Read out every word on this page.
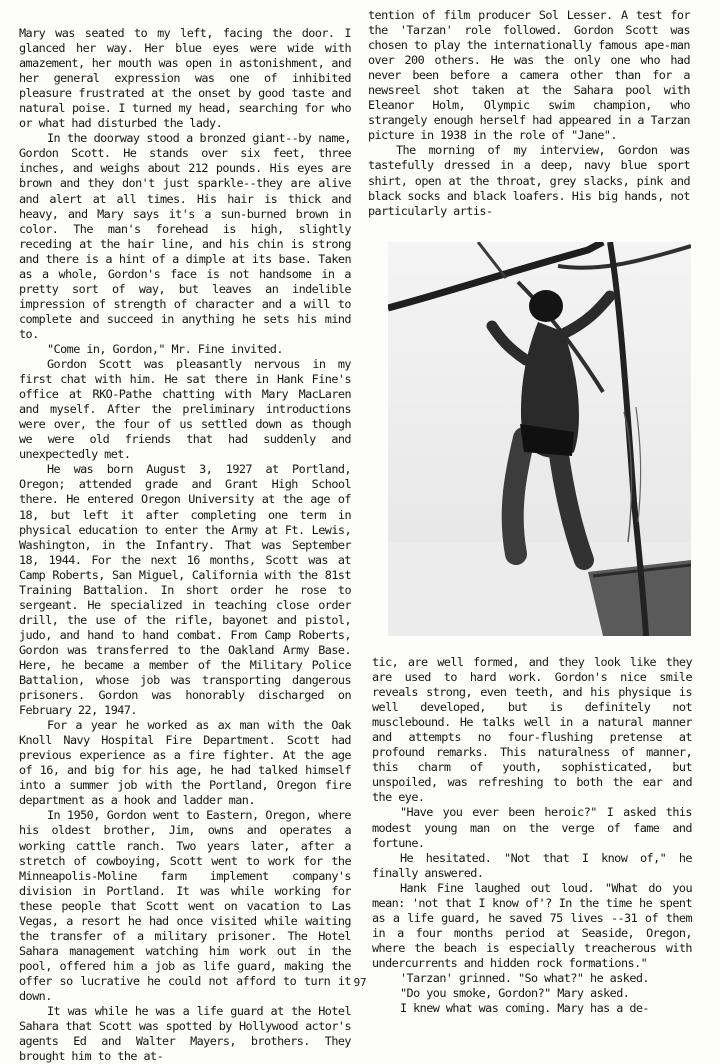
Mary was seated to my left, facing the door. I glanced her way. Her blue eyes were wide with amazement, her mouth was open in astonishment, and her general expression was one of inhibited pleasure frustrated at the onset by good taste and natural poise. I turned my head, searching for who or what had disturbed the lady.

In the doorway stood a bronzed giant--by name, Gordon Scott. He stands over six feet, three inches, and weighs about 212 pounds. His eyes are brown and they don't just sparkle--they are alive and alert at all times. His hair is thick and heavy, and Mary says it's a sun-burned brown in color. The man's forehead is high, slightly receding at the hair line, and his chin is strong and there is a hint of a dimple at its base. Taken as a whole, Gordon's face is not handsome in a pretty sort of way, but leaves an indelible impression of strength of character and a will to complete and succeed in anything he sets his mind to.

"Come in, Gordon," Mr. Fine invited.

Gordon Scott was pleasantly nervous in my first chat with him. He sat there in Hank Fine's office at RKO-Pathe chatting with Mary MacLaren and myself. After the preliminary introductions were over, the four of us settled down as though we were old friends that had suddenly and unexpectedly met.

He was born August 3, 1927 at Portland, Oregon; attended grade and Grant High School there. He entered Oregon University at the age of 18, but left it after completing one term in physical education to enter the Army at Ft. Lewis, Washington, in the Infantry. That was September 18, 1944. For the next 16 months, Scott was at Camp Roberts, San Miguel, California with the 81st Training Battalion. In short order he rose to sergeant. He specialized in teaching close order drill, the use of the rifle, bayonet and pistol, judo, and hand to hand combat. From Camp Roberts, Gordon was transferred to the Oakland Army Base. Here, he became a member of the Military Police Battalion, whose job was transporting dangerous prisoners. Gordon was honorably discharged on February 22, 1947.

For a year he worked as ax man with the Oak Knoll Navy Hospital Fire Department. Scott had previous experience as a fire fighter. At the age of 16, and big for his age, he had talked himself into a summer job with the Portland, Oregon fire department as a hook and ladder man.

In 1950, Gordon went to Eastern, Oregon, where his oldest brother, Jim, owns and operates a working cattle ranch. Two years later, after a stretch of cowboying, Scott went to work for the Minneapolis-Moline farm implement company's division in Portland. It was while working for these people that Scott went on vacation to Las Vegas, a resort he had once visited while waiting the transfer of a military prisoner. The Hotel Sahara management watching him work out in the pool, offered him a job as life guard, making the offer so lucrative he could not afford to turn it down.

It was while he was a life guard at the Hotel Sahara that Scott was spotted by Hollywood actor's agents Ed and Walter Mayers, brothers. They brought him to the at-

tention of film producer Sol Lesser. A test for the 'Tarzan' role followed. Gordon Scott was chosen to play the internationally famous ape-man over 200 others. He was the only one who had never been before a camera other than for a newsreel shot taken at the Sahara pool with Eleanor Holm, Olympic swim champion, who strangely enough herself had appeared in a Tarzan picture in 1938 in the role of "Jane".

The morning of my interview, Gordon was tastefully dressed in a deep, navy blue sport shirt, open at the throat, grey slacks, pink and black socks and black loafers. His big hands, not particularly artis-

tic, are well formed, and they look like they are used to hard work. Gordon's nice smile reveals strong, even teeth, and his physique is well developed, but is definitely not musclebound. He talks well in a natural manner and attempts no four-flushing pretense at profound remarks. This naturalness of manner, this charm of youth, sophisticated, but unspoiled, was refreshing to both the ear and the eye.

"Have you ever been heroic?" I asked this modest young man on the verge of fame and fortune.

He hesitated. "Not that I know of," he finally answered.

Hank Fine laughed out loud. "What do you mean: 'not that I know of'? In the time he spent as a life guard, he saved 75 lives --31 of them in a four months period at Seaside, Oregon, where the beach is especially treacherous with undercurrents and hidden rock formations."

'Tarzan' grinned. "So what?" he asked.

"Do you smoke, Gordon?" Mary asked.

I knew what was coming. Mary has a de-

97
